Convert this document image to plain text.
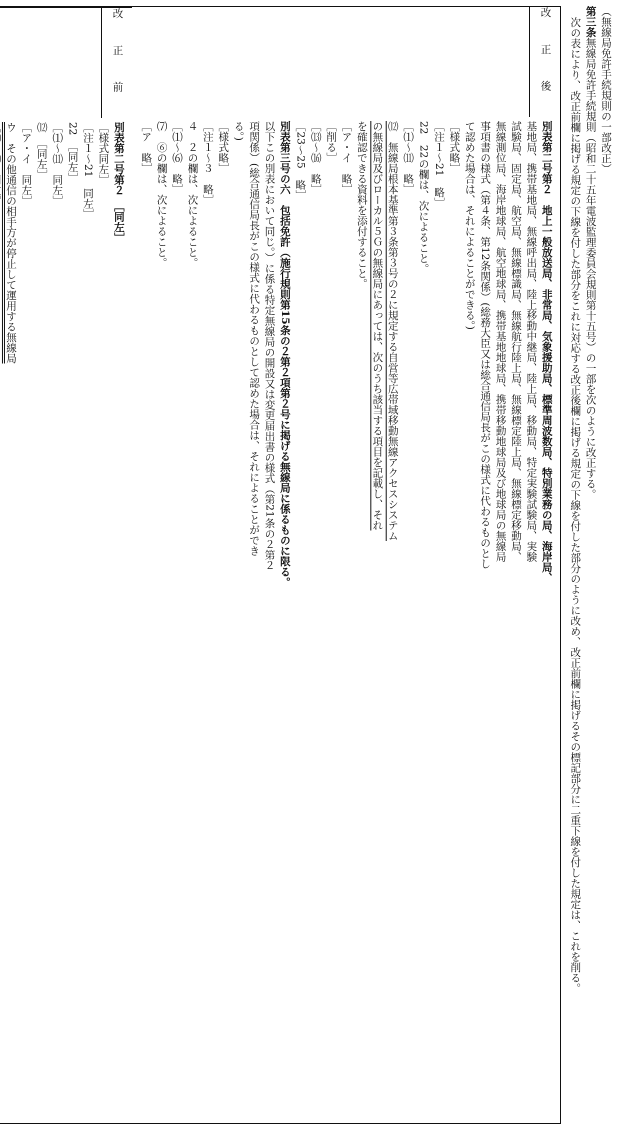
（無線局免許手続規則の一部改正）

第三条無線局免許手続規則（昭和二十五年電波監理委員会規則第十五号）の一部を次のように改正する。

次の表により、改正前欄に掲げる規定の下線を付した部分をこれに対応する改正後欄に掲げる規定の下線を付した部分のように改め、改正前欄に掲げるその標記部分に二重下線を付した規定は、これを削る。

改正後

別表第二号第２　地上一般放送局、非常局、気象援助局、標準周波数局、特別業務の局、海岸局、

基地局、携帯基地局、無線呼出局、陸上移動中継局、陸上局、移動局、特定実験試験局、実験

試験局、固定局、航空局、無線標識局、無線航行陸上局、無線標定陸上局、無線標定移動局、

無線測位局、海岸地球局、航空地球局、携帯基地地球局、携帯移動地球局及び地球局の無線局

事項書の様式（第４条、第12条関係）(総務大臣又は総合通信局長がこの様式に代わるものとし

て認めた場合は、それによることができる。)

［様式略］

［注１～21　略］

22　22の欄は、次によること。

［⑴～⑾　略］

⑿　無線局根本基準第３条第３号の２に規定する自営等広帯域移動無線アクセスシステム

の無線局及びローカル５Ｇの無線局にあっては、次のうち該当する項目を記載し、それ

を確認できる資料を添付すること。

［ア・イ　略］

［削る］

［⒀～⒃　略］

［23～25　略］

別表第三号の六　包括免許（施行規則第15条の２第２項第２号に掲げる無線局に係るものに限る。

以下この別表において同じ。）に係る特定無線局の開設又は変更届出書の様式（第21条の２第２

項関係）(総合通信局長がこの様式に代わるものとして認めた場合は、それによることができ

る。)

［様式略］

［注１～３　略］

４　２の欄は、次によること。

［⑴～⑹　略］

⑺　⑥の欄は、次によること。

［ア　略］

改正前

別表第二号第２　［同左］

［様式同左］

［注１～21　同左］

22　［同左］

［⑴～⑾　同左］

⑿　［同左］

［ア・イ　同左］

ウ　その他通信の相手方が停止して運用する無線局
